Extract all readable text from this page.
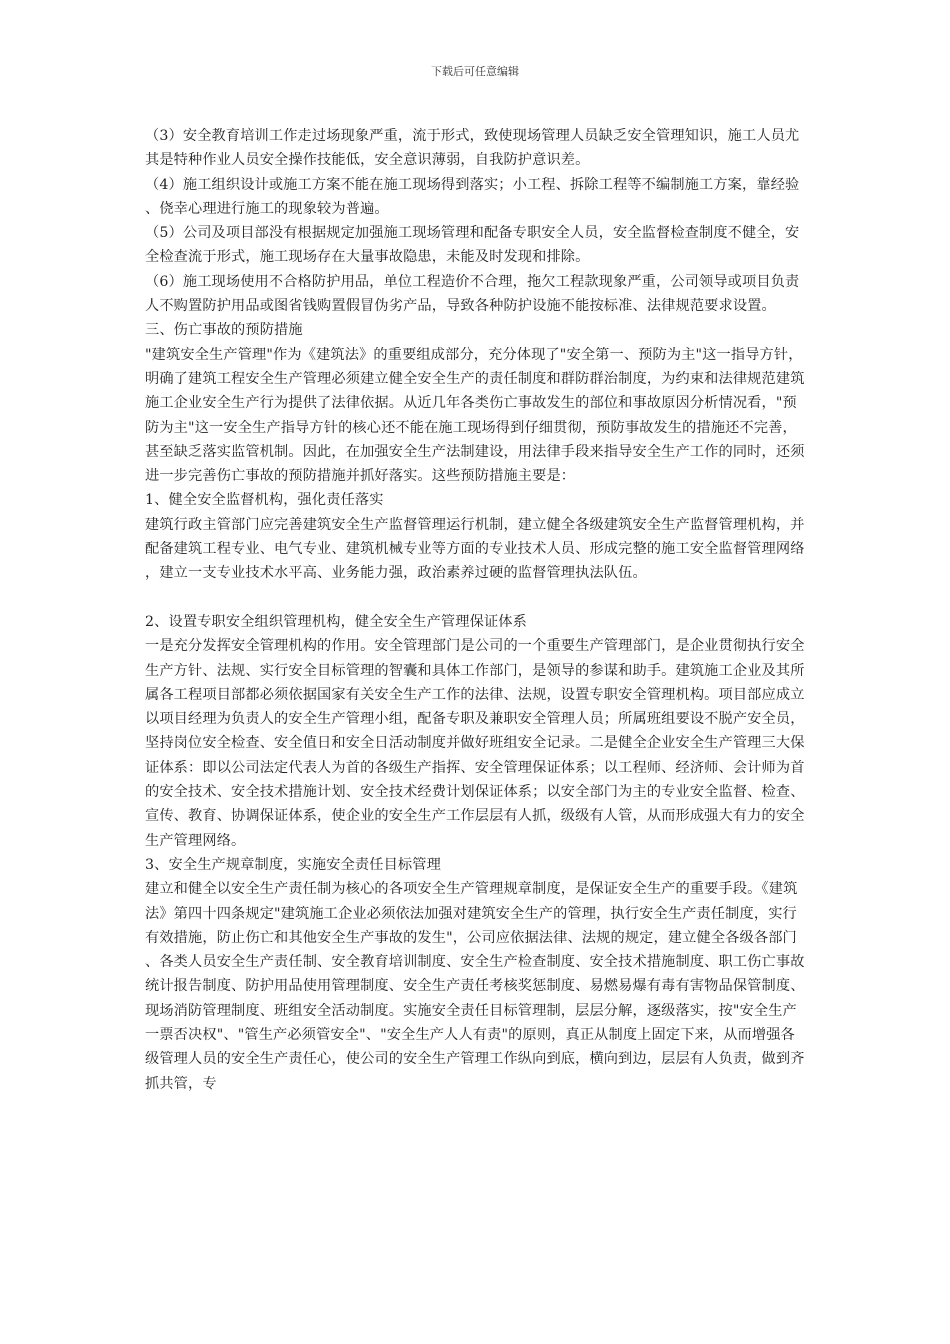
下载后可任意编辑

（3）安全教育培训工作走过场现象严重，流于形式，致使现场管理人员缺乏安全管理知识，施工人员尤其是特种作业人员安全操作技能低，安全意识薄弱，自我防护意识差。

（4）施工组织设计或施工方案不能在施工现场得到落实；小工程、拆除工程等不编制施工方案，靠经验、侥幸心理进行施工的现象较为普遍。

（5）公司及项目部没有根据规定加强施工现场管理和配备专职安全人员，安全监督检查制度不健全，安全检查流于形式，施工现场存在大量事故隐患，未能及时发现和排除。

（6）施工现场使用不合格防护用品，单位工程造价不合理，拖欠工程款现象严重，公司领导或项目负责人不购置防护用品或图省钱购置假冒伪劣产品，导致各种防护设施不能按标准、法律规范要求设置。

三、伤亡事故的预防措施

"建筑安全生产管理"作为《建筑法》的重要组成部分，充分体现了"安全第一、预防为主"这一指导方针，明确了建筑工程安全生产管理必须建立健全安全生产的责任制度和群防群治制度，为约束和法律规范建筑施工企业安全生产行为提供了法律依据。从近几年各类伤亡事故发生的部位和事故原因分析情况看，"预防为主"这一安全生产指导方针的核心还不能在施工现场得到仔细贯彻，预防事故发生的措施还不完善，甚至缺乏落实监管机制。因此，在加强安全生产法制建设，用法律手段来指导安全生产工作的同时，还须进一步完善伤亡事故的预防措施并抓好落实。这些预防措施主要是：

1、健全安全监督机构，强化责任落实

建筑行政主管部门应完善建筑安全生产监督管理运行机制，建立健全各级建筑安全生产监督管理机构，并配备建筑工程专业、电气专业、建筑机械专业等方面的专业技术人员、形成完整的施工安全监督管理网络，建立一支专业技术水平高、业务能力强，政治素养过硬的监督管理执法队伍。

2、设置专职安全组织管理机构，健全安全生产管理保证体系

一是充分发挥安全管理机构的作用。安全管理部门是公司的一个重要生产管理部门，是企业贯彻执行安全生产方针、法规、实行安全目标管理的智囊和具体工作部门，是领导的参谋和助手。建筑施工企业及其所属各工程项目部都必须依据国家有关安全生产工作的法律、法规，设置专职安全管理机构。项目部应成立以项目经理为负责人的安全生产管理小组，配备专职及兼职安全管理人员；所属班组要设不脱产安全员，坚持岗位安全检查、安全值日和安全日活动制度并做好班组安全记录。二是健全企业安全生产管理三大保证体系：即以公司法定代表人为首的各级生产指挥、安全管理保证体系；以工程师、经济师、会计师为首的安全技术、安全技术措施计划、安全技术经费计划保证体系；以安全部门为主的专业安全监督、检查、宣传、教育、协调保证体系，使企业的安全生产工作层层有人抓，级级有人管，从而形成强大有力的安全生产管理网络。

3、安全生产规章制度，实施安全责任目标管理

建立和健全以安全生产责任制为核心的各项安全生产管理规章制度，是保证安全生产的重要手段。《建筑法》第四十四条规定"建筑施工企业必须依法加强对建筑安全生产的管理，执行安全生产责任制度，实行有效措施，防止伤亡和其他安全生产事故的发生"，公司应依据法律、法规的规定，建立健全各级各部门、各类人员安全生产责任制、安全教育培训制度、安全生产检查制度、安全技术措施制度、职工伤亡事故统计报告制度、防护用品使用管理制度、安全生产责任考核奖惩制度、易燃易爆有毒有害物品保管制度、现场消防管理制度、班组安全活动制度。实施安全责任目标管理制，层层分解，逐级落实，按"安全生产一票否决权"、"管生产必须管安全"、"安全生产人人有责"的原则，真正从制度上固定下来，从而增强各级管理人员的安全生产责任心，使公司的安全生产管理工作纵向到底，横向到边，层层有人负责，做到齐抓共管，专
